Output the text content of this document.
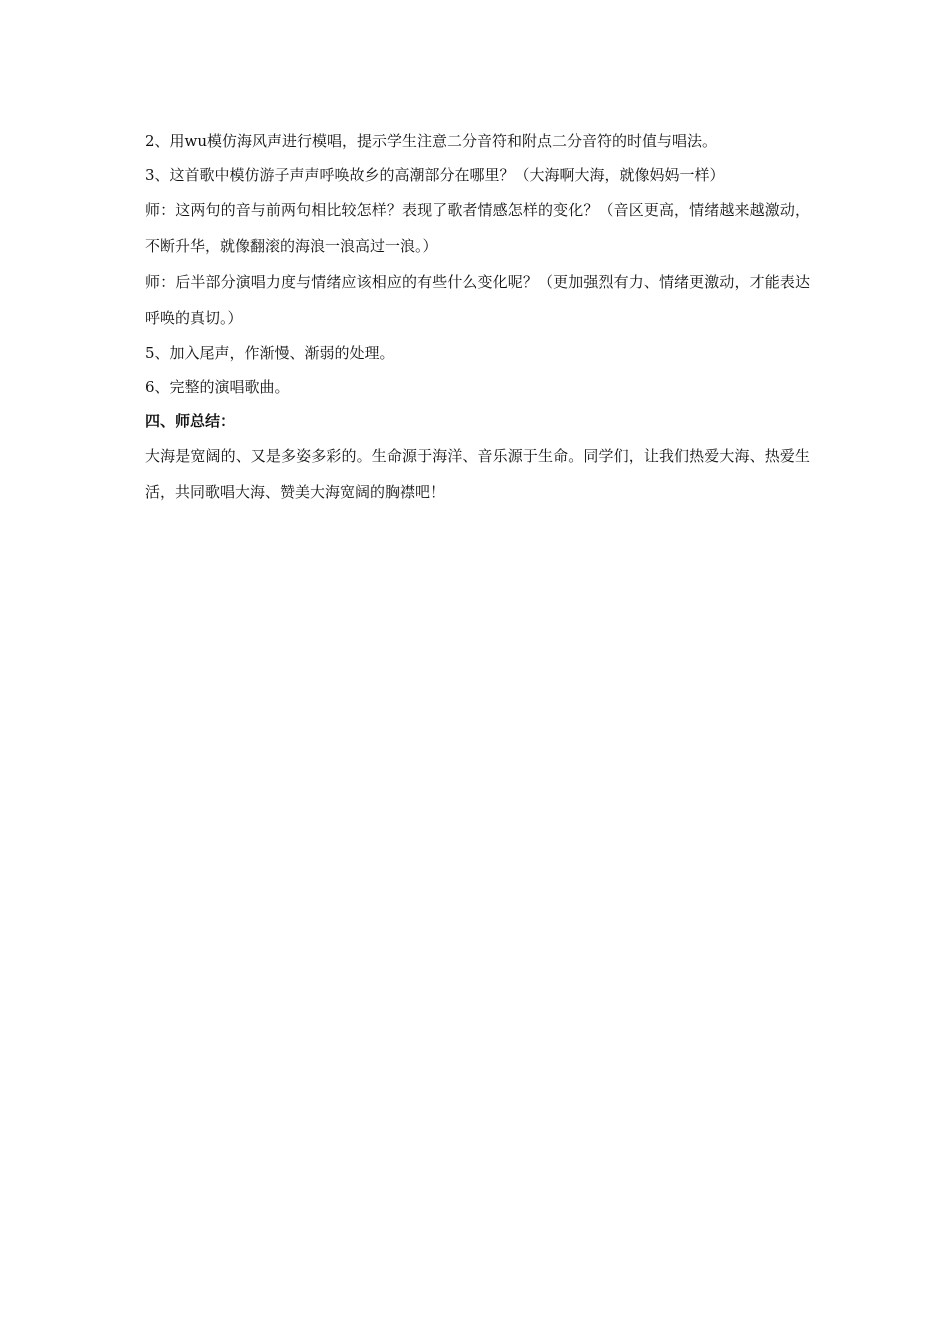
2、用wu模仿海风声进行模唱，提示学生注意二分音符和附点二分音符的时值与唱法。

3、这首歌中模仿游子声声呼唤故乡的高潮部分在哪里？（大海啊大海，就像妈妈一样）

师：这两句的音与前两句相比较怎样？表现了歌者情感怎样的变化？（音区更高，情绪越来越激动，不断升华，就像翻滚的海浪一浪高过一浪。）

师：后半部分演唱力度与情绪应该相应的有些什么变化呢？（更加强烈有力、情绪更激动，才能表达呼唤的真切。）

5、加入尾声，作渐慢、渐弱的处理。

6、完整的演唱歌曲。

四、师总结：

大海是宽阔的、又是多姿多彩的。生命源于海洋、音乐源于生命。同学们，让我们热爱大海、热爱生活，共同歌唱大海、赞美大海宽阔的胸襟吧！
